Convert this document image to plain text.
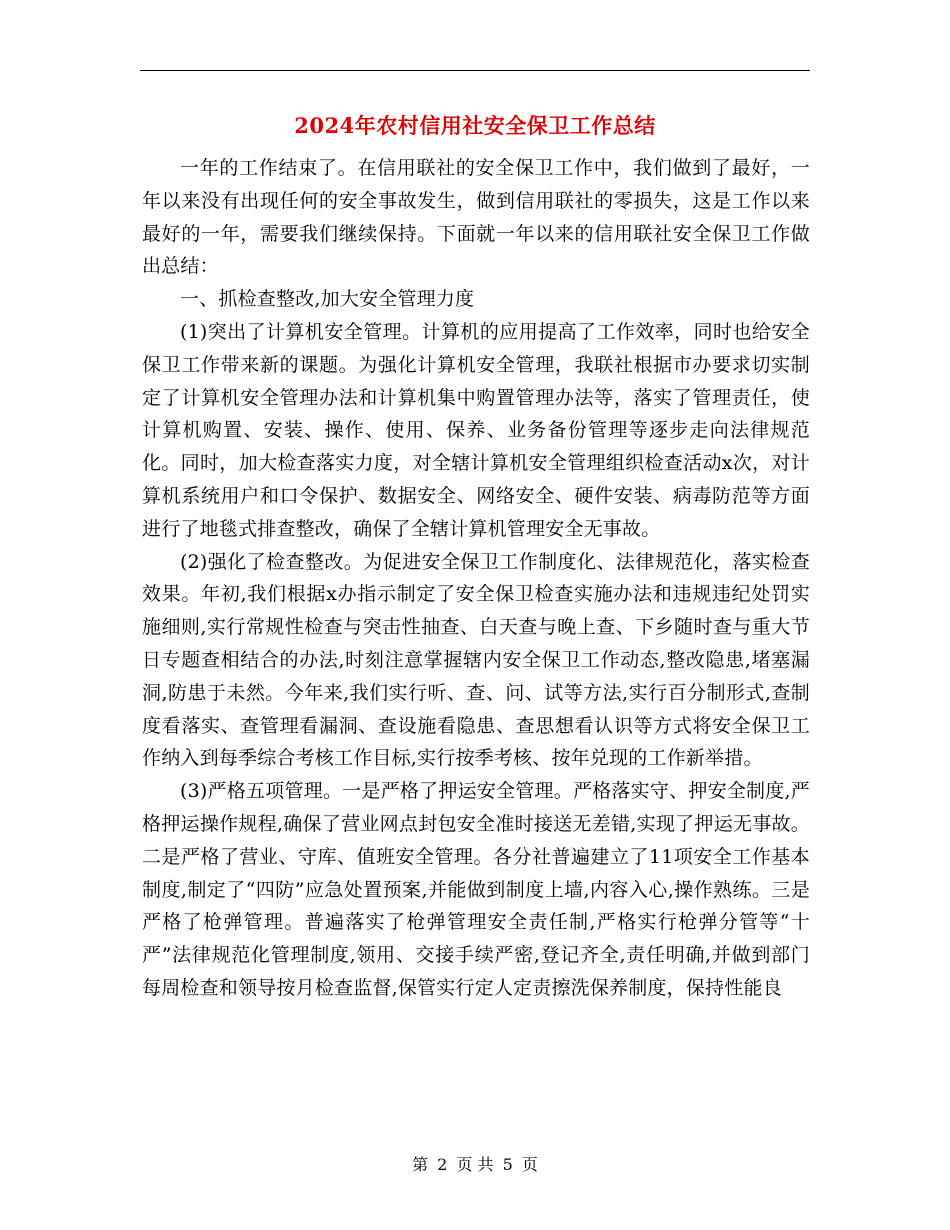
2024年农村信用社安全保卫工作总结

一年的工作结束了。在信用联社的安全保卫工作中，我们做到了最好，一年以来没有出现任何的安全事故发生，做到信用联社的零损失，这是工作以来最好的一年，需要我们继续保持。下面就一年以来的信用联社安全保卫工作做出总结：

一、抓检查整改,加大安全管理力度

(1)突出了计算机安全管理。计算机的应用提高了工作效率，同时也给安全保卫工作带来新的课题。为强化计算机安全管理，我联社根据市办要求切实制定了计算机安全管理办法和计算机集中购置管理办法等，落实了管理责任，使计算机购置、安装、操作、使用、保养、业务备份管理等逐步走向法律规范化。同时，加大检查落实力度，对全辖计算机安全管理组织检查活动x次，对计算机系统用户和口令保护、数据安全、网络安全、硬件安装、病毒防范等方面进行了地毯式排查整改，确保了全辖计算机管理安全无事故。

(2)强化了检查整改。为促进安全保卫工作制度化、法律规范化，落实检查效果。年初,我们根据x办指示制定了安全保卫检查实施办法和违规违纪处罚实施细则,实行常规性检查与突击性抽查、白天查与晚上查、下乡随时查与重大节日专题查相结合的办法,时刻注意掌握辖内安全保卫工作动态,整改隐患,堵塞漏洞,防患于未然。今年来,我们实行听、查、问、试等方法,实行百分制形式,查制度看落实、查管理看漏洞、查设施看隐患、查思想看认识等方式将安全保卫工作纳入到每季综合考核工作目标,实行按季考核、按年兑现的工作新举措。

(3)严格五项管理。一是严格了押运安全管理。严格落实守、押安全制度,严格押运操作规程,确保了营业网点封包安全准时接送无差错,实现了押运无事故。二是严格了营业、守库、值班安全管理。各分社普遍建立了11项安全工作基本制度,制定了“四防”应急处置预案,并能做到制度上墙,内容入心,操作熟练。三是严格了枪弹管理。普遍落实了枪弹管理安全责任制,严格实行枪弹分管等“十严”法律规范化管理制度,领用、交接手续严密,登记齐全,责任明确,并做到部门每周检查和领导按月检查监督,保管实行定人定责擦洗保养制度，保持性能良

第 2 页 共 5 页
